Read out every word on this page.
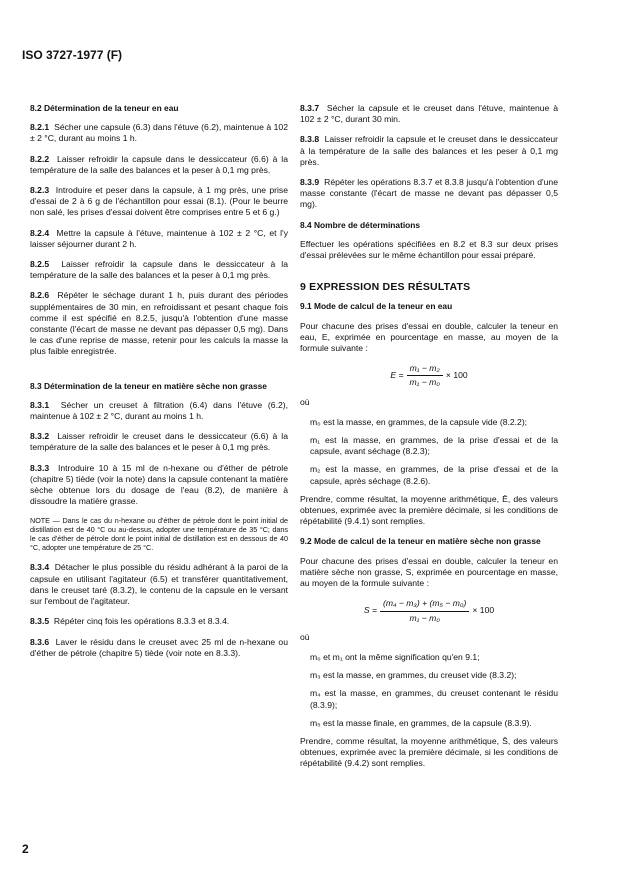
ISO 3727-1977 (F)
8.2 Détermination de la teneur en eau

8.2.1 Sécher une capsule (6.3) dans l'étuve (6.2), maintenue à 102 ± 2 °C, durant au moins 1 h.

8.2.2 Laisser refroidir la capsule dans le dessiccateur (6.6) à la température de la salle des balances et la peser à 0,1 mg près.

8.2.3 Introduire et peser dans la capsule, à 1 mg près, une prise d'essai de 2 à 6 g de l'échantillon pour essai (8.1). (Pour le beurre non salé, les prises d'essai doivent être comprises entre 5 et 6 g.)

8.2.4 Mettre la capsule à l'étuve, maintenue à 102 ± 2 °C, et l'y laisser séjourner durant 2 h.

8.2.5 Laisser refroidir la capsule dans le dessiccateur à la température de la salle des balances et la peser à 0,1 mg près.

8.2.6 Répéter le séchage durant 1 h, puis durant des périodes supplémentaires de 30 min, en refroidissant et pesant chaque fois comme il est spécifié en 8.2.5, jusqu'à l'obtention d'une masse constante (l'écart de masse ne devant pas dépasser 0,5 mg). Dans le cas d'une reprise de masse, retenir pour les calculs la masse la plus faible enregistrée.

8.3 Détermination de la teneur en matière sèche non grasse

8.3.1 Sécher un creuset à filtration (6.4) dans l'étuve (6.2), maintenue à 102 ± 2 °C, durant au moins 1 h.

8.3.2 Laisser refroidir le creuset dans le dessiccateur (6.6) à la température de la salle des balances et le peser à 0,1 mg près.

8.3.3 Introduire 10 à 15 ml de n-hexane ou d'éther de pétrole (chapitre 5) tiède (voir la note) dans la capsule contenant la matière sèche obtenue lors du dosage de l'eau (8.2), de manière à dissoudre la matière grasse.

NOTE — Dans le cas du n-hexane ou d'éther de pétrole dont le point initial de distillation est de 40 °C ou au-dessus, adopter une température de 35 °C; dans le cas d'éther de pétrole dont le point initial de distillation est en dessous de 40 °C, adopter une température de 25 °C.

8.3.4 Détacher le plus possible du résidu adhérant à la paroi de la capsule en utilisant l'agitateur (6.5) et transférer quantitativement, dans le creuset taré (8.3.2), le contenu de la capsule en le versant sur l'embout de l'agitateur.

8.3.5 Répéter cinq fois les opérations 8.3.3 et 8.3.4.

8.3.6 Laver le résidu dans le creuset avec 25 ml de n-hexane ou d'éther de pétrole (chapitre 5) tiède (voir note en 8.3.3).

8.3.7 Sécher la capsule et le creuset dans l'étuve, maintenue à 102 ± 2 °C, durant 30 min.

8.3.8 Laisser refroidir la capsule et le creuset dans le dessiccateur à la température de la salle des balances et les peser à 0,1 mg près.

8.3.9 Répéter les opérations 8.3.7 et 8.3.8 jusqu'à l'obtention d'une masse constante (l'écart de masse ne devant pas dépasser 0,5 mg).

8.4 Nombre de déterminations

Effectuer les opérations spécifiées en 8.2 et 8.3 sur deux prises d'essai prélevées sur le même échantillon pour essai préparé.

9 EXPRESSION DES RÉSULTATS
9.1 Mode de calcul de la teneur en eau

Pour chacune des prises d'essai en double, calculer la teneur en eau, E, exprimée en pourcentage en masse, au moyen de la formule suivante :

$E = \frac{\text{m₁ − m₂}}{\text{m₁ − m₀}} \times 100$

où

m₀ est la masse, en grammes, de la capsule vide (8.2.2);

m₁ est la masse, en grammes, de la prise d'essai et de la capsule, avant séchage (8.2.3);

m₂ est la masse, en grammes, de la prise d'essai et de la capsule, après séchage (8.2.6).

Prendre, comme résultat, la moyenne arithmétique, Ē, des valeurs obtenues, exprimée avec la première décimale, si les conditions de répétabilité (9.4.1) sont remplies.

9.2 Mode de calcul de la teneur en matière sèche non grasse

Pour chacune des prises d'essai en double, calculer la teneur en matière sèche non grasse, S, exprimée en pourcentage en masse, au moyen de la formule suivante :

$S = \frac{\text{(m₄ − m₃) + (m₅ − m₀)}}{\text{m₁ − m₀}} \times 100$

où

m₀ et m₁ ont la même signification qu'en 9.1;

m₃ est la masse, en grammes, du creuset vide (8.3.2);

m₄ est la masse, en grammes, du creuset contenant le résidu (8.3.9);

m₅ est la masse finale, en grammes, de la capsule (8.3.9).

Prendre, comme résultat, la moyenne arithmétique, S̄, des valeurs obtenues, exprimée avec la première décimale, si les conditions de répétabilité (9.4.2) sont remplies.

2
